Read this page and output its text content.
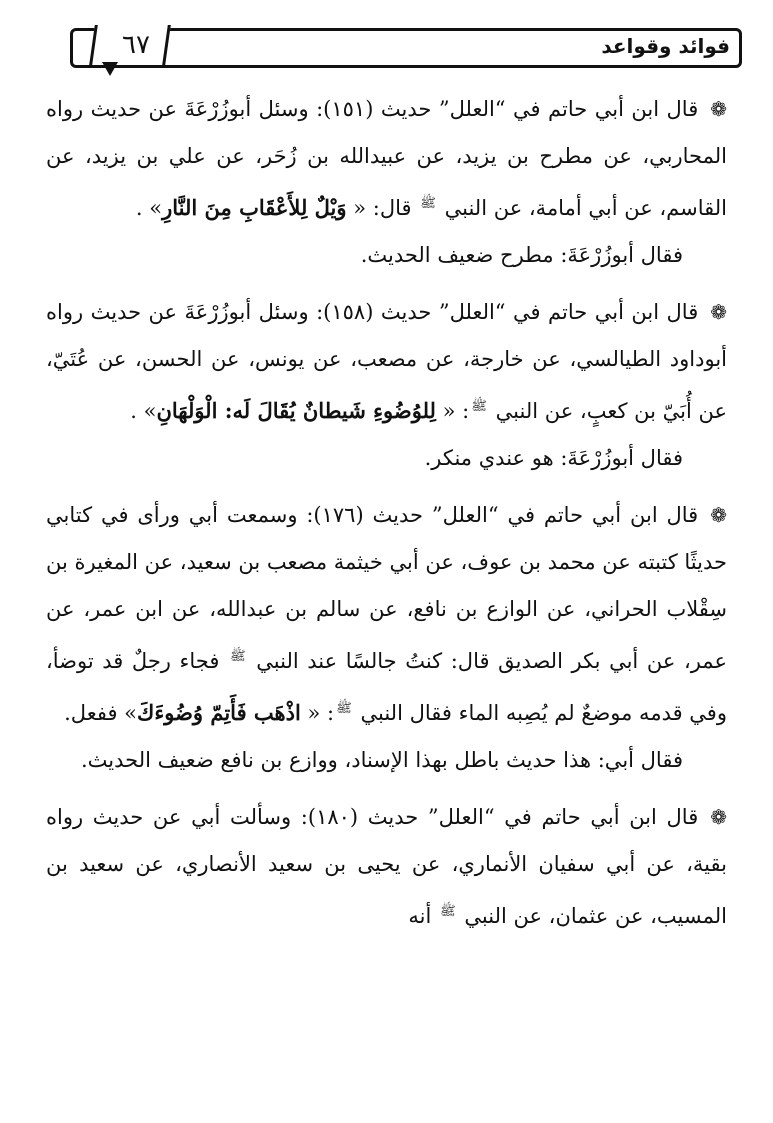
فوائد وقواعد
٦٧

❁قال ابن أبي حاتم في “العلل” حديث (١٥١): وسئل أبوزُرْعَةَ عن حديث رواه المحاربي، عن مطرح بن يزيد، عن عبيدالله بن زُحَر، عن علي بن يزيد، عن القاسم، عن أبي أمامة، عن النبي $^ﷺ$ قال: « وَيْلٌ لِلأَعْقَابِ مِنَ النَّارِ» .

فقال أبوزُرْعَةَ: مطرح ضعيف الحديث.

❁قال ابن أبي حاتم في “العلل” حديث (١٥٨): وسئل أبوزُرْعَةَ عن حديث رواه أبوداود الطيالسي، عن خارجة، عن مصعب، عن يونس، عن الحسن، عن عُتَيّ، عن أُبَيّ بن كعبٍ، عن النبي $^ﷺ$: « لِلوُضُوءِ شَيطانٌ يُقَالَ لَه: الْوَلْهَانِ» .

فقال أبوزُرْعَةَ: هو عندي منكر.

❁قال ابن أبي حاتم في “العلل” حديث (١٧٦): وسمعت أبي ورأى في كتابي حديثًا كتبته عن محمد بن عوف، عن أبي خيثمة مصعب بن سعيد، عن المغيرة بن سِقْلاب الحراني، عن الوازع بن نافع، عن سالم بن عبدالله، عن ابن عمر، عن عمر، عن أبي بكر الصديق قال: كنتُ جالسًا عند النبي $^ﷺ$ فجاء رجلٌ قد توضأ، وفي قدمه موضعٌ لم يُصِبه الماء فقال النبي $^ﷺ$: « اذْهَب فَأَتِمّ وُضُوءَكَ» ففعل.

فقال أبي: هذا حديث باطل بهذا الإسناد، ووازع بن نافع ضعيف الحديث.

❁قال ابن أبي حاتم في “العلل” حديث (١٨٠): وسألت أبي عن حديث رواه بقية، عن أبي سفيان الأنماري، عن يحيى بن سعيد الأنصاري، عن سعيد بن المسيب، عن عثمان، عن النبي $^ﷺ$ أنه
